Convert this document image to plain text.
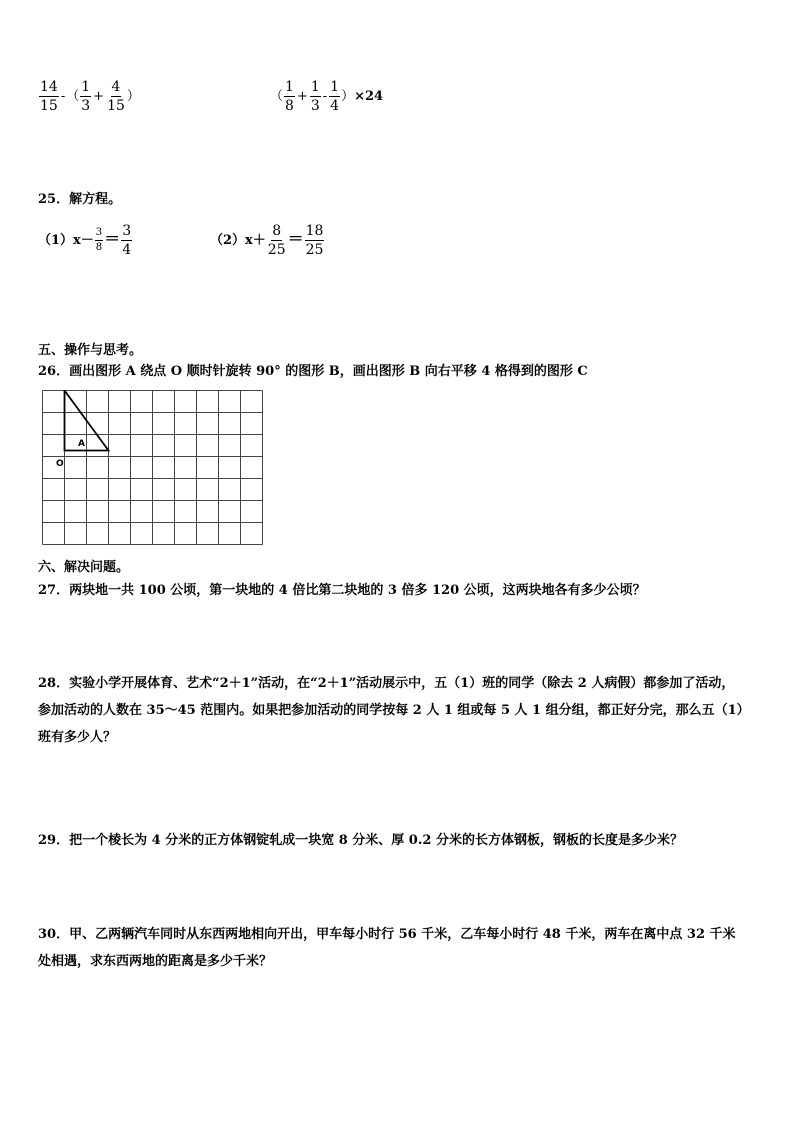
$\frac{14}{15}$ -（ $\frac{1}{3} + \frac{4}{15}$ ）	（ $\frac{1}{8} + \frac{1}{3} - \frac{1}{4} )\times 24$
25．解方程。
$(1)x- \frac{3}{8} = \frac{3}{4}$	$(2)x+ \frac{8}{25} = \frac{18}{25}$
五、操作与思考。
26．画出图形 A 绕点 O 顺时针旋转 90° 的图形 B，画出图形 B 向右平移 4 格得到的图形 C
A
O
六、解决问题。
27．两块地一共 100 公顷，第一块地的 4 倍比第二块地的 3 倍多 120 公顷，这两块地各有多少公顷？
28．实验小学开展体育、艺术“2＋1”活动，在“2＋1”活动展示中，五（1）班的同学（除去 2 人病假）都参加了活动，
参加活动的人数在 35～45 范围内。如果把参加活动的同学按每 2 人 1 组或每 5 人 1 组分组，都正好分完，那么五（1）
班有多少人？
29．把一个棱长为 4 分米的正方体钢锭轧成一块宽 8 分米、厚 0.2 分米的长方体钢板，钢板的长度是多少米？
30．甲、乙两辆汽车同时从东西两地相向开出，甲车每小时行 56 千米，乙车每小时行 48 千米，两车在离中点 32 千米
处相遇，求东西两地的距离是多少千米？
